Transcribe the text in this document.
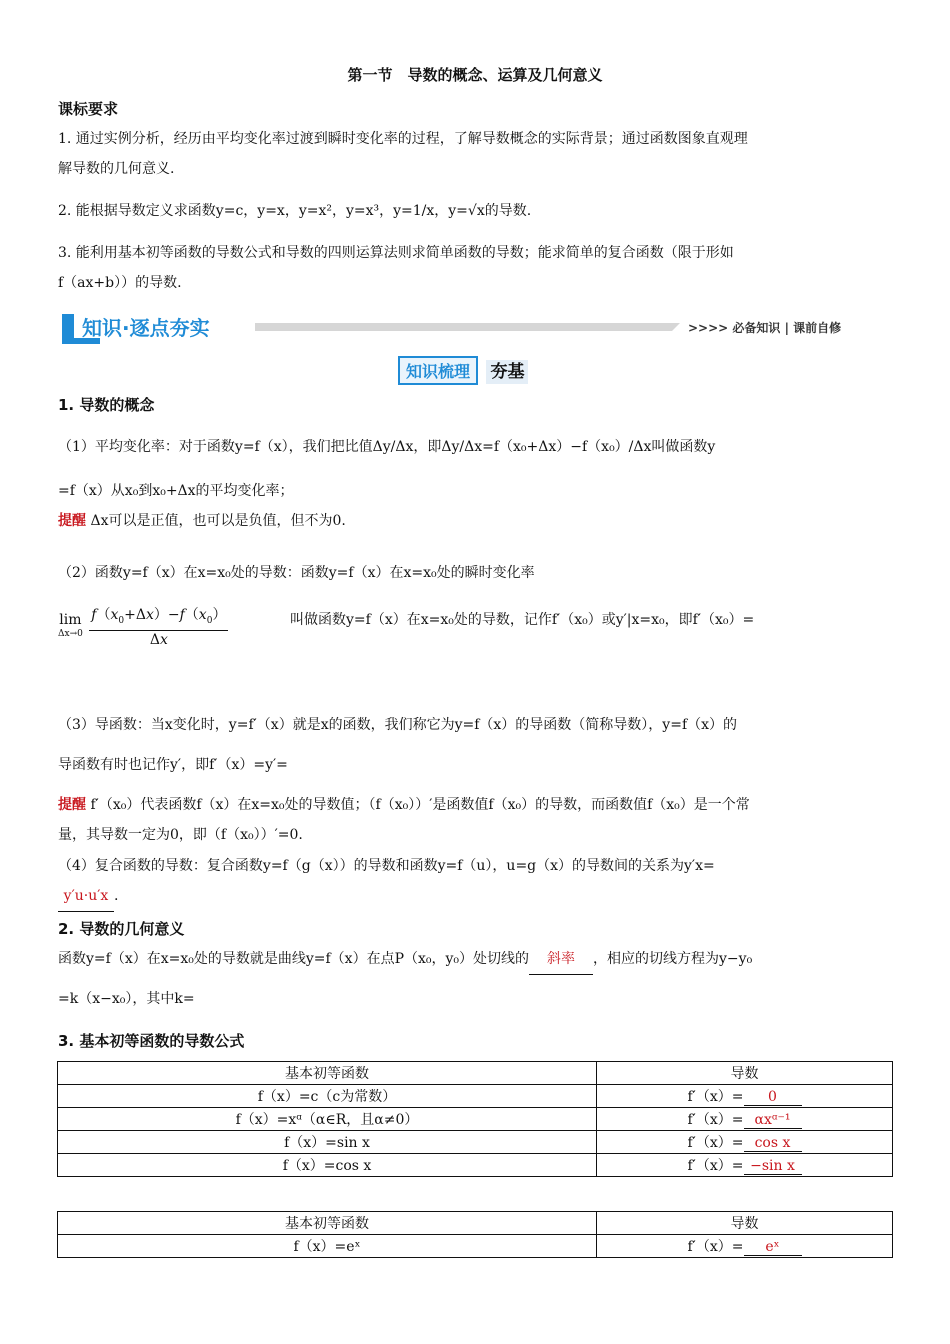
第一节　导数的概念、运算及几何意义
课标要求
1. 通过实例分析，经历由平均变化率过渡到瞬时变化率的过程，了解导数概念的实际背景；通过函数图象直观理
解导数的几何意义.
2. 能根据导数定义求函数y=c，y=x，y=x²，y=x³，y=1/x，y=√x的导数.
3. 能利用基本初等函数的导数公式和导数的四则运算法则求简单函数的导数；能求简单的复合函数（限于形如
f（ax+b））的导数.
知识·逐点夯实	>>>> 必备知识 | 课前自修
知识梳理 夯基
1. 导数的概念
（1）平均变化率：对于函数y=f（x），我们把比值Δy/Δx，即Δy/Δx=f（x₀+Δx）−f（x₀）/Δx叫做函数y
=f（x）从x₀到x₀+Δx的平均变化率；
提醒 Δx可以是正值，也可以是负值，但不为0.
（2）函数y=f（x）在x=x₀处的导数：函数y=f（x）在x=x₀处的瞬时变化率
叫做函数y=f（x）在x=x₀处的导数，记作f′（x₀）或y′|x=x₀，即f′（x₀）=
lim
Δx→0
$\frac{f(x_0+\Delta x)-f(x_0)}{\Delta x}$
（3）导函数：当x变化时，y=f′（x）就是x的函数，我们称它为y=f（x）的导函数（简称导数），y=f（x）的
导函数有时也记作y′，即f′（x）=y′=
提醒 f′（x₀）代表函数f（x）在x=x₀处的导数值；（f（x₀））′是函数值f（x₀）的导数，而函数值f（x₀）是一个常
量，其导数一定为0，即（f（x₀））′=0.
（4）复合函数的导数：复合函数y=f（g（x））的导数和函数y=f（u），u=g（x）的导数间的关系为y′x=
y′u·u′x .
2. 导数的几何意义
函数y=f（x）在x=x₀处的导数就是曲线y=f（x）在点P（x₀，y₀）处切线的 斜率 ，相应的切线方程为y−y₀
=k（x−x₀），其中k=
3. 基本初等函数的导数公式
基本初等函数	导数
f（x）=c（c为常数）	f′（x）= 0
f（x）=xᵅ（α∈R，且α≠0）	f′（x）= αxᵅ⁻¹
f（x）=sin x	f′（x）= cos x
f（x）=cos x	f′（x）= −sin x
基本初等函数	导数
f（x）=eˣ	f′（x）= eˣ
